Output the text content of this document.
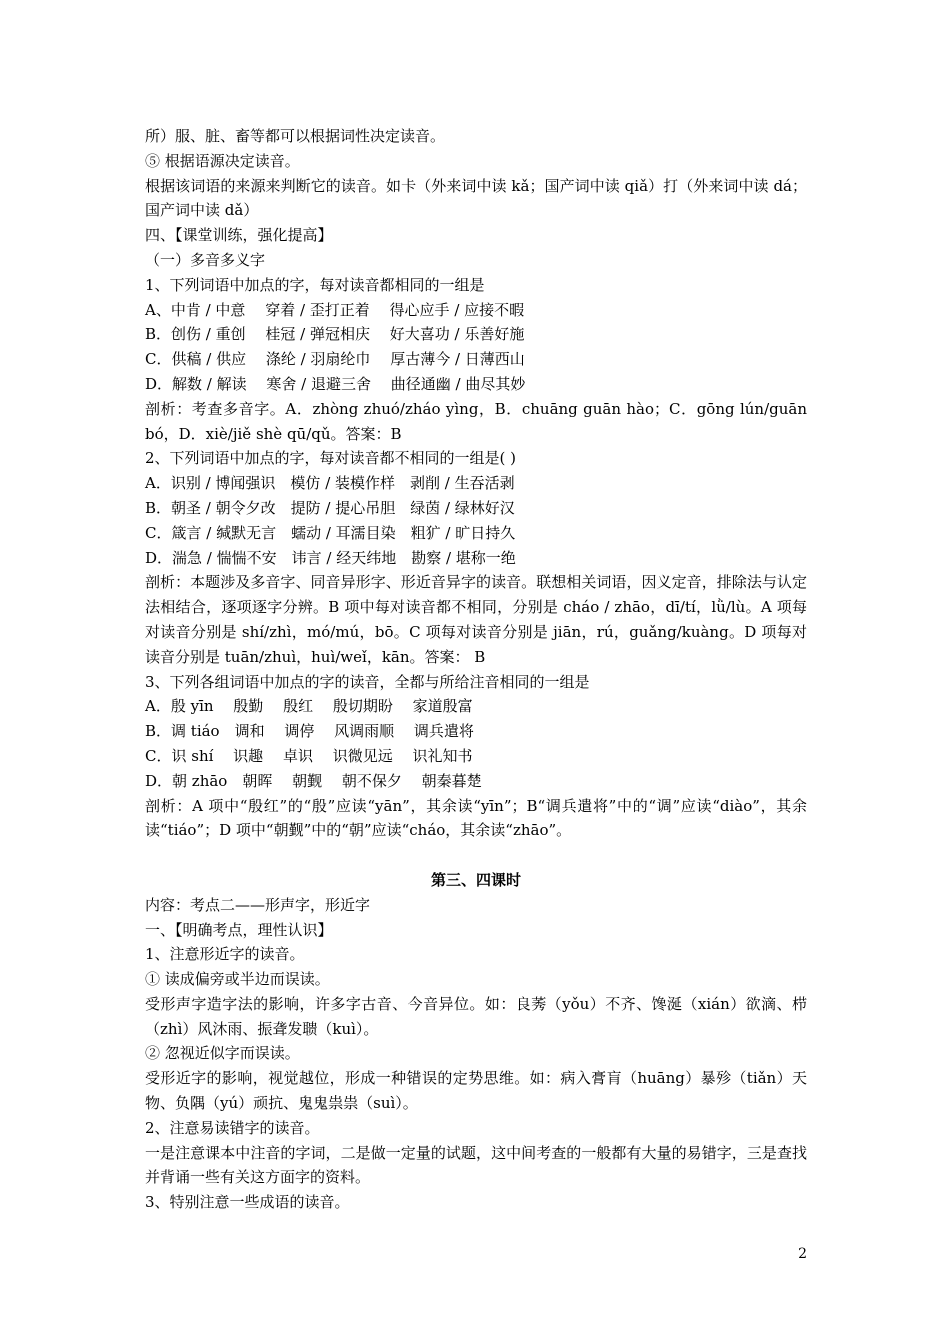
所）服、脏、畜等都可以根据词性决定读音。

⑤ 根据语源决定读音。

根据该词语的来源来判断它的读音。如卡（外来词中读 kǎ；国产词中读 qiǎ）打（外来词中读 dá；国产词中读 dǎ）

四、【课堂训练，强化提高】

（一）多音多义字

1、下列词语中加点的字，每对读音都相同的一组是

A、中肯 / 中意　 穿着 / 歪打正着　 得心应手 / 应接不暇

B．创伤 / 重创　 桂冠 / 弹冠相庆　 好大喜功 / 乐善好施

C．供稿 / 供应　 涤纶 / 羽扇纶巾　 厚古薄今 / 日薄西山

D．解数 / 解读　 寒舍 / 退避三舍　 曲径通幽 / 曲尽其妙

剖析：考查多音字。A．zhòng zhuó/zháo yìng，B．chuāng guān hào；C．gōng lún/guān bó，D．xiè/jiě shè qū/qǔ。答案：B

2、下列词语中加点的字，每对读音都不相同的一组是( )

A．识别 / 博闻强识　模仿 / 装模作样　剥削 / 生吞活剥

B．朝圣 / 朝令夕改　提防 / 提心吊胆　绿茵 / 绿林好汉

C．箴言 / 缄默无言　蠕动 / 耳濡目染　粗犷 / 旷日持久

D．湍急 / 惴惴不安　讳言 / 经天纬地　勘察 / 堪称一绝

剖析：本题涉及多音字、同音异形字、形近音异字的读音。联想相关词语，因义定音，排除法与认定法相结合，逐项逐字分辨。B 项中每对读音都不相同，分别是 cháo / zhāo，dī/tí，lǜ/lù。A 项每对读音分别是 shí/zhì，mó/mú，bō。C 项每对读音分别是 jiān，rú，guǎng/kuàng。D 项每对读音分别是 tuān/zhuì，huì/weǐ，kān。答案： B

3、下列各组词语中加点的字的读音，全都与所给注音相同的一组是

A．殷 yīn　 殷勤　 殷红　 殷切期盼　 家道殷富

B．调 tiáo　调和　 调停　 风调雨顺　 调兵遣将

C．识 shí　 识趣　 卓识　 识微见远　 识礼知书

D．朝 zhāo　朝晖　 朝觐　 朝不保夕　 朝秦暮楚

剖析：A 项中“殷红”的“殷”应读“yān”，其余读“yīn”；B“调兵遣将”中的“调”应读“diào”，其余读“tiáo”；D 项中“朝觐”中的“朝”应读“cháo，其余读“zhāo”。

第三、四课时

内容：考点二——形声字，形近字

一、【明确考点，理性认识】

1、注意形近字的读音。

① 读成偏旁或半边而误读。

受形声字造字法的影响，许多字古音、今音异位。如：良莠（yǒu）不齐、馋涎（xián）欲滴、栉（zhì）风沐雨、振聋发聩（kuì）。

② 忽视近似字而误读。

受形近字的影响，视觉越位，形成一种错误的定势思维。如：病入膏肓（huāng）暴殄（tiǎn）天物、负隅（yú）顽抗、鬼鬼祟祟（suì）。

2、注意易读错字的读音。

一是注意课本中注音的字词，二是做一定量的试题，这中间考查的一般都有大量的易错字，三是查找并背诵一些有关这方面字的资料。

3、特别注意一些成语的读音。

2
